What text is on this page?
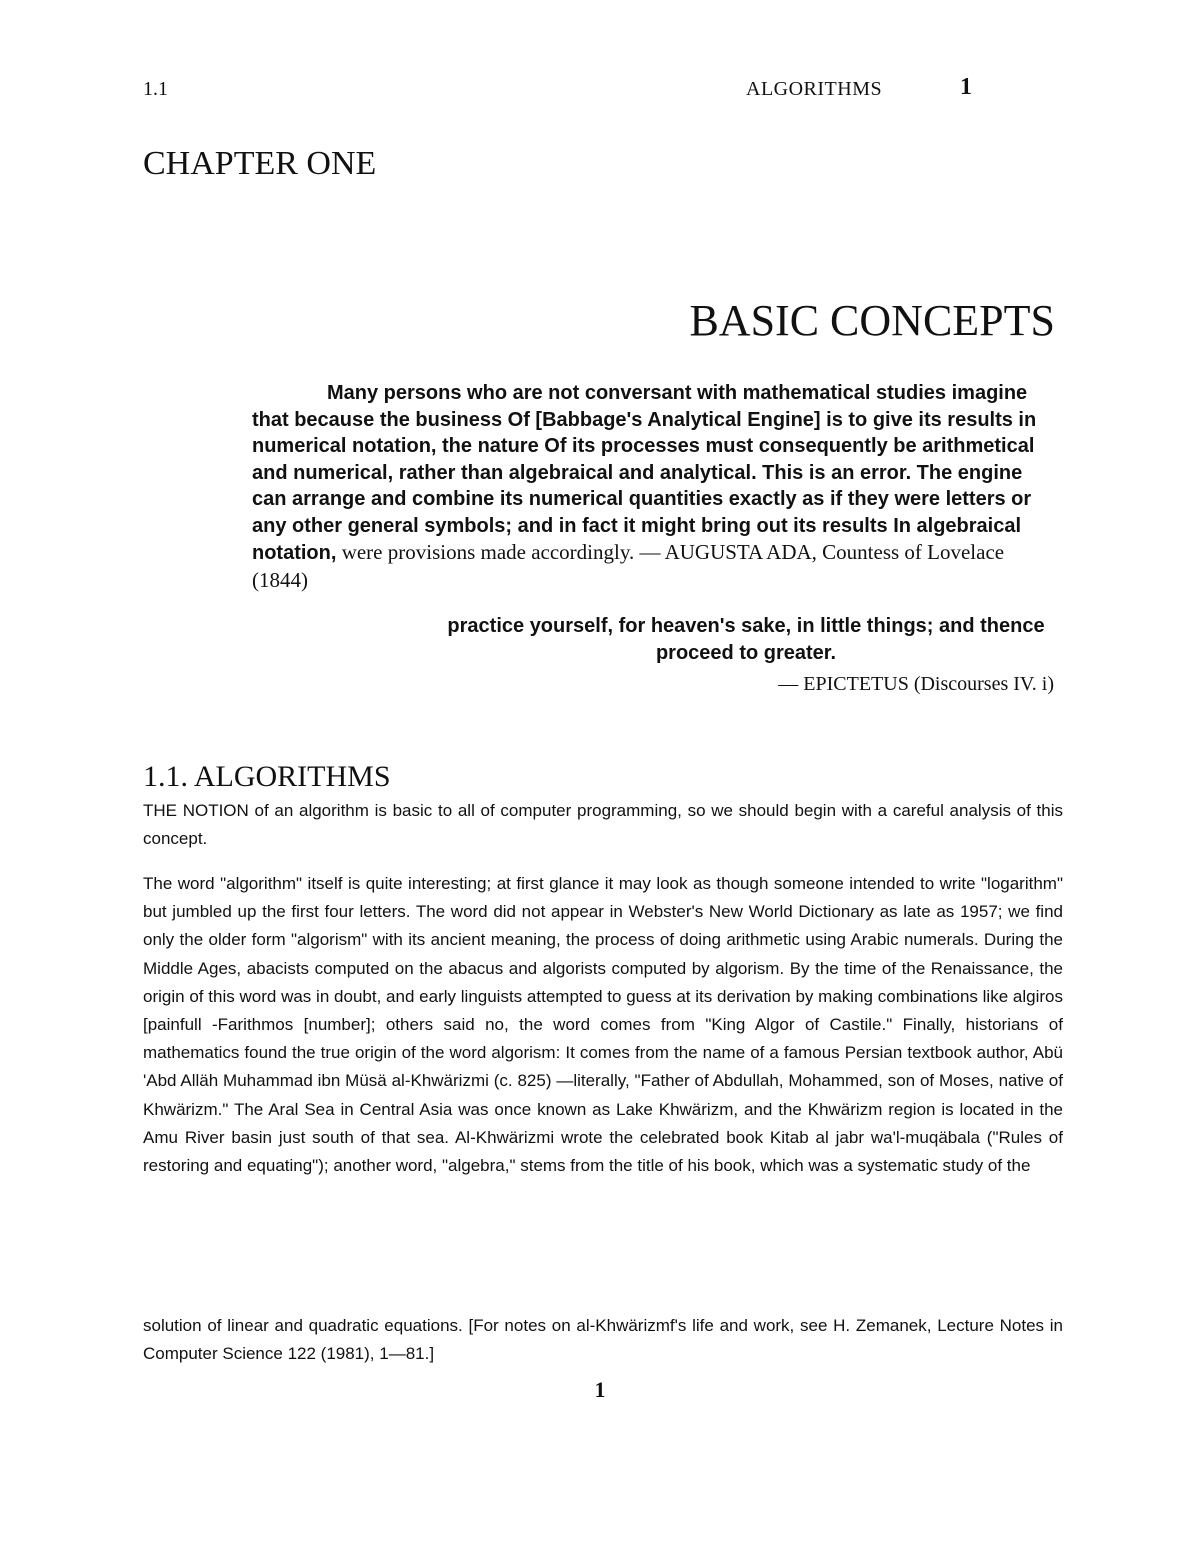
1.1	ALGORITHMS	1
CHAPTER ONE
BASIC CONCEPTS
Many persons who are not conversant with mathematical studies imagine that because the business Of [Babbage's Analytical Engine] is to give its results in numerical notation, the nature Of its processes must consequently be arithmetical and numerical, rather than algebraical and analytical. This is an error. The engine can arrange and combine its numerical quantities exactly as if they were letters or any other general symbols; and in fact it might bring out its results In algebraical notation, were provisions made accordingly. — AUGUSTA ADA, Countess of Lovelace (1844)
practice yourself, for heaven's sake, in little things; and thence proceed to greater.
— EPICTETUS (Discourses IV. i)
1.1. ALGORITHMS

THE NOTION of an algorithm is basic to all of computer programming, so we should begin with a careful analysis of this concept.

The word "algorithm" itself is quite interesting; at first glance it may look as though someone intended to write "logarithm" but jumbled up the first four letters. The word did not appear in Webster's New World Dictionary as late as 1957; we find only the older form "algorism" with its ancient meaning, the process of doing arithmetic using Arabic numerals. During the Middle Ages, abacists computed on the abacus and algorists computed by algorism. By the time of the Renaissance, the origin of this word was in doubt, and early linguists attempted to guess at its derivation by making combinations like algiros [painfull -Farithmos [number]; others said no, the word comes from "King Algor of Castile." Finally, historians of mathematics found the true origin of the word algorism: It comes from the name of a famous Persian textbook author, Abü 'Abd Alläh Muhammad ibn Müsä al-Khwärizmi (c. 825) —literally, "Father of Abdullah, Mohammed, son of Moses, native of Khwärizm." The Aral Sea in Central Asia was once known as Lake Khwärizm, and the Khwärizm region is located in the Amu River basin just south of that sea. Al-Khwärizmi wrote the celebrated book Kitab al jabr wa'l-muqäbala ("Rules of restoring and equating"); another word, "algebra," stems from the title of his book, which was a systematic study of the

solution of linear and quadratic equations. [For notes on al-Khwärizmf's life and work, see H. Zemanek, Lecture Notes in Computer Science 122 (1981), 1—81.]

1
